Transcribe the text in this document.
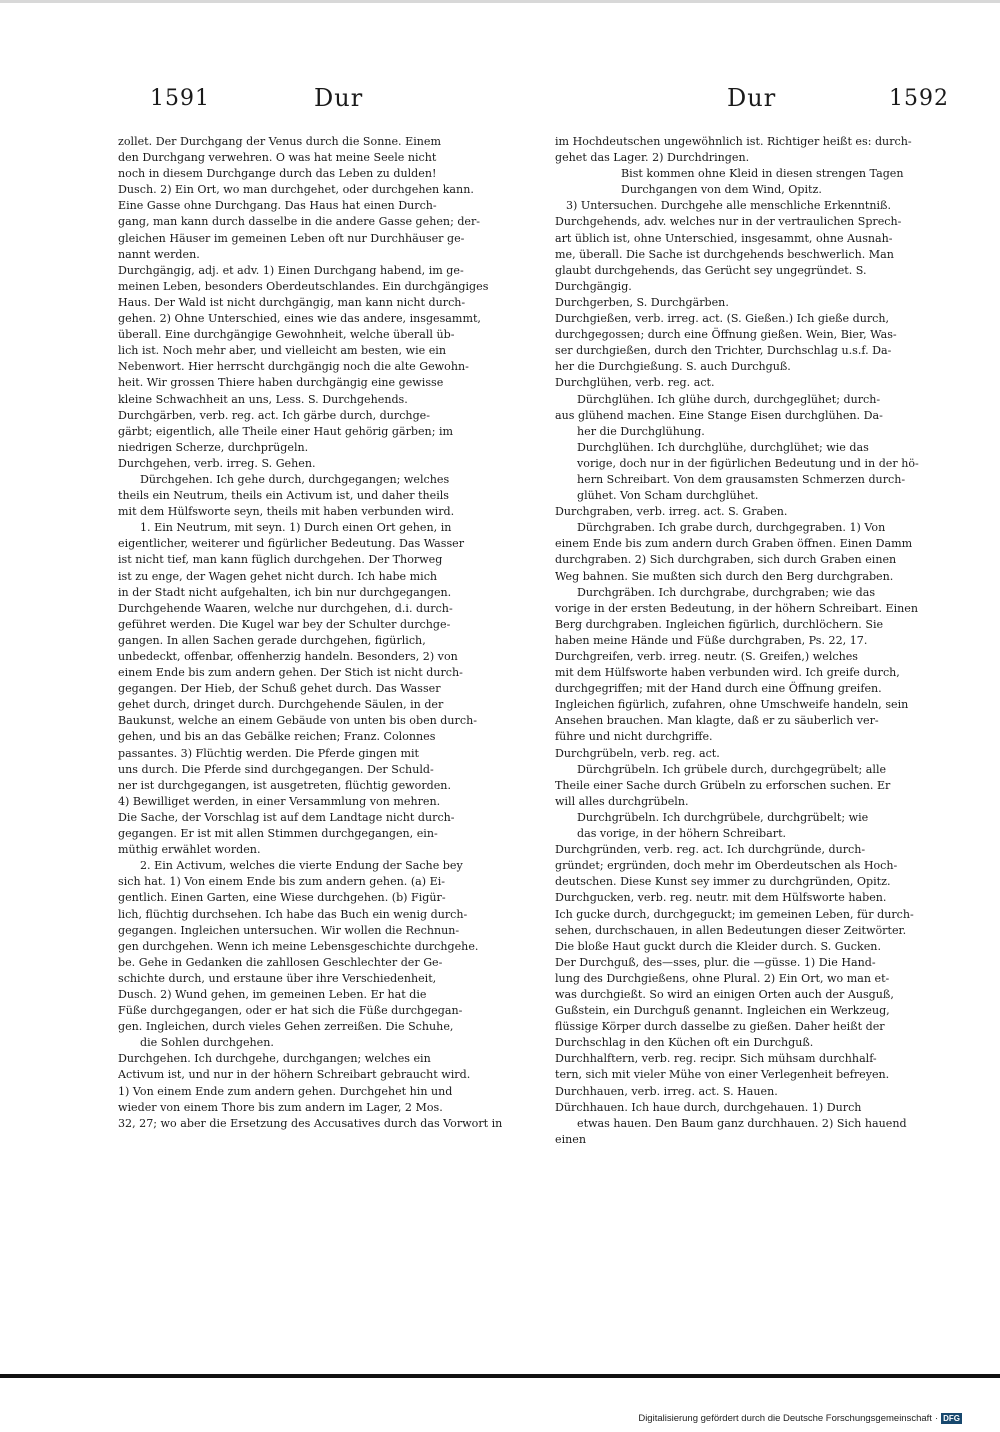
1591	Dur	Dur	1592
zollet. Der Durchgang der Venus durch die Sonne. Einem
den Durchgang verwehren. O was hat meine Seele nicht
noch in diesem Durchgange durch das Leben zu dulden!
Dusch. 2) Ein Ort, wo man durchgehet, oder durchgehen kann.
Eine Gasse ohne Durchgang. Das Haus hat einen Durch-
gang, man kann durch dasselbe in die andere Gasse gehen; der-
gleichen Häuser im gemeinen Leben oft nur Durchhäuser ge-
nannt werden.
Durchgängig, adj. et adv. 1) Einen Durchgang habend, im ge-
meinen Leben, besonders Oberdeutschlandes. Ein durchgängiges
Haus. Der Wald ist nicht durchgängig, man kann nicht durch-
gehen. 2) Ohne Unterschied, eines wie das andere, insgesammt,
überall. Eine durchgängige Gewohnheit, welche überall üb-
lich ist. Noch mehr aber, und vielleicht am besten, wie ein
Nebenwort. Hier herrscht durchgängig noch die alte Gewohn-
heit. Wir grossen Thiere haben durchgängig eine gewisse
kleine Schwachheit an uns, Less. S. Durchgehends.
Durchgärben, verb. reg. act. Ich gärbe durch, durchge-
gärbt; eigentlich, alle Theile einer Haut gehörig gärben; im
niedrigen Scherze, durchprügeln.
Durchgehen, verb. irreg. S. Gehen.
Dürchgehen. Ich gehe durch, durchgegangen; welches
theils ein Neutrum, theils ein Activum ist, und daher theils
mit dem Hülfsworte seyn, theils mit haben verbunden wird.
1. Ein Neutrum, mit seyn. 1) Durch einen Ort gehen, in
eigentlicher, weiterer und figürlicher Bedeutung. Das Wasser
ist nicht tief, man kann füglich durchgehen. Der Thorweg
ist zu enge, der Wagen gehet nicht durch. Ich habe mich
in der Stadt nicht aufgehalten, ich bin nur durchgegangen.
Durchgehende Waaren, welche nur durchgehen, d.i. durch-
geführet werden. Die Kugel war bey der Schulter durchge-
gangen. In allen Sachen gerade durchgehen, figürlich,
unbedeckt, offenbar, offenherzig handeln. Besonders, 2) von
einem Ende bis zum andern gehen. Der Stich ist nicht durch-
gegangen. Der Hieb, der Schuß gehet durch. Das Wasser
gehet durch, dringet durch. Durchgehende Säulen, in der
Baukunst, welche an einem Gebäude von unten bis oben durch-
gehen, und bis an das Gebälke reichen; Franz. Colonnes
passantes. 3) Flüchtig werden. Die Pferde gingen mit
uns durch. Die Pferde sind durchgegangen. Der Schuld-
ner ist durchgegangen, ist ausgetreten, flüchtig geworden.
4) Bewilliget werden, in einer Versammlung von mehren.
Die Sache, der Vorschlag ist auf dem Landtage nicht durch-
gegangen. Er ist mit allen Stimmen durchgegangen, ein-
müthig erwählet worden.
2. Ein Activum, welches die vierte Endung der Sache bey
sich hat. 1) Von einem Ende bis zum andern gehen. (a) Ei-
gentlich. Einen Garten, eine Wiese durchgehen. (b) Figür-
lich, flüchtig durchsehen. Ich habe das Buch ein wenig durch-
gegangen. Ingleichen untersuchen. Wir wollen die Rechnun-
gen durchgehen. Wenn ich meine Lebensgeschichte durchgehe.
be. Gehe in Gedanken die zahllosen Geschlechter der Ge-
schichte durch, und erstaune über ihre Verschiedenheit,
Dusch. 2) Wund gehen, im gemeinen Leben. Er hat die
Füße durchgegangen, oder er hat sich die Füße durchgegan-
gen. Ingleichen, durch vieles Gehen zerreißen. Die Schuhe,
die Sohlen durchgehen.
Durchgehen. Ich durchgehe, durchgangen; welches ein
Activum ist, und nur in der höhern Schreibart gebraucht wird.
1) Von einem Ende zum andern gehen. Durchgehet hin und
wieder von einem Thore bis zum andern im Lager, 2 Mos.
32, 27; wo aber die Ersetzung des Accusatives durch das Vorwort in
im Hochdeutschen ungewöhnlich ist. Richtiger heißt es: durch-
gehet das Lager. 2) Durchdringen.
Bist kommen ohne Kleid in diesen strengen Tagen
Durchgangen von dem Wind, Opitz.
3) Untersuchen. Durchgehe alle menschliche Erkenntniß.
Durchgehends, adv. welches nur in der vertraulichen Sprech-
art üblich ist, ohne Unterschied, insgesammt, ohne Ausnah-
me, überall. Die Sache ist durchgehends beschwerlich. Man
glaubt durchgehends, das Gerücht sey ungegründet. S.
Durchgängig.
Durchgerben, S. Durchgärben.
Durchgießen, verb. irreg. act. (S. Gießen.) Ich gieße durch,
durchgegossen; durch eine Öffnung gießen. Wein, Bier, Was-
ser durchgießen, durch den Trichter, Durchschlag u.s.f. Da-
her die Durchgießung. S. auch Durchguß.
Durchglühen, verb. reg. act.
Dürchglühen. Ich glühe durch, durchgeglühet; durch-
aus glühend machen. Eine Stange Eisen durchglühen. Da-
her die Durchglühung.
Durchglühen. Ich durchglühe, durchglühet; wie das
vorige, doch nur in der figürlichen Bedeutung und in der hö-
hern Schreibart. Von dem grausamsten Schmerzen durch-
glühet. Von Scham durchglühet.
Durchgraben, verb. irreg. act. S. Graben.
Dürchgraben. Ich grabe durch, durchgegraben. 1) Von
einem Ende bis zum andern durch Graben öffnen. Einen Damm
durchgraben. 2) Sich durchgraben, sich durch Graben einen
Weg bahnen. Sie mußten sich durch den Berg durchgraben.
Durchgräben. Ich durchgrabe, durchgraben; wie das
vorige in der ersten Bedeutung, in der höhern Schreibart. Einen
Berg durchgraben. Ingleichen figürlich, durchlöchern. Sie
haben meine Hände und Füße durchgraben, Ps. 22, 17.
Durchgreifen, verb. irreg. neutr. (S. Greifen,) welches
mit dem Hülfsworte haben verbunden wird. Ich greife durch,
durchgegriffen; mit der Hand durch eine Öffnung greifen.
Ingleichen figürlich, zufahren, ohne Umschweife handeln, sein
Ansehen brauchen. Man klagte, daß er zu säuberlich ver-
führe und nicht durchgriffe.
Durchgrübeln, verb. reg. act.
Dürchgrübeln. Ich grübele durch, durchgegrübelt; alle
Theile einer Sache durch Grübeln zu erforschen suchen. Er
will alles durchgrübeln.
Durchgrübeln. Ich durchgrübele, durchgrübelt; wie
das vorige, in der höhern Schreibart.
Durchgründen, verb. reg. act. Ich durchgründe, durch-
gründet; ergründen, doch mehr im Oberdeutschen als Hoch-
deutschen. Diese Kunst sey immer zu durchgründen, Opitz.
Durchgucken, verb. reg. neutr. mit dem Hülfsworte haben.
Ich gucke durch, durchgeguckt; im gemeinen Leben, für durch-
sehen, durchschauen, in allen Bedeutungen dieser Zeitwörter.
Die bloße Haut guckt durch die Kleider durch. S. Gucken.
Der Durchguß, des—sses, plur. die —güsse. 1) Die Hand-
lung des Durchgießens, ohne Plural. 2) Ein Ort, wo man et-
was durchgießt. So wird an einigen Orten auch der Ausguß,
Gußstein, ein Durchguß genannt. Ingleichen ein Werkzeug,
flüssige Körper durch dasselbe zu gießen. Daher heißt der
Durchschlag in den Küchen oft ein Durchguß.
Durchhalftern, verb. reg. recipr. Sich mühsam durchhalf-
tern, sich mit vieler Mühe von einer Verlegenheit befreyen.
Durchhauen, verb. irreg. act. S. Hauen.
Dürchhauen. Ich haue durch, durchgehauen. 1) Durch
etwas hauen. Den Baum ganz durchhauen. 2) Sich hauend
einen
Digitalisierung gefördert durch die Deutsche Forschungsgemeinschaft · DFG
